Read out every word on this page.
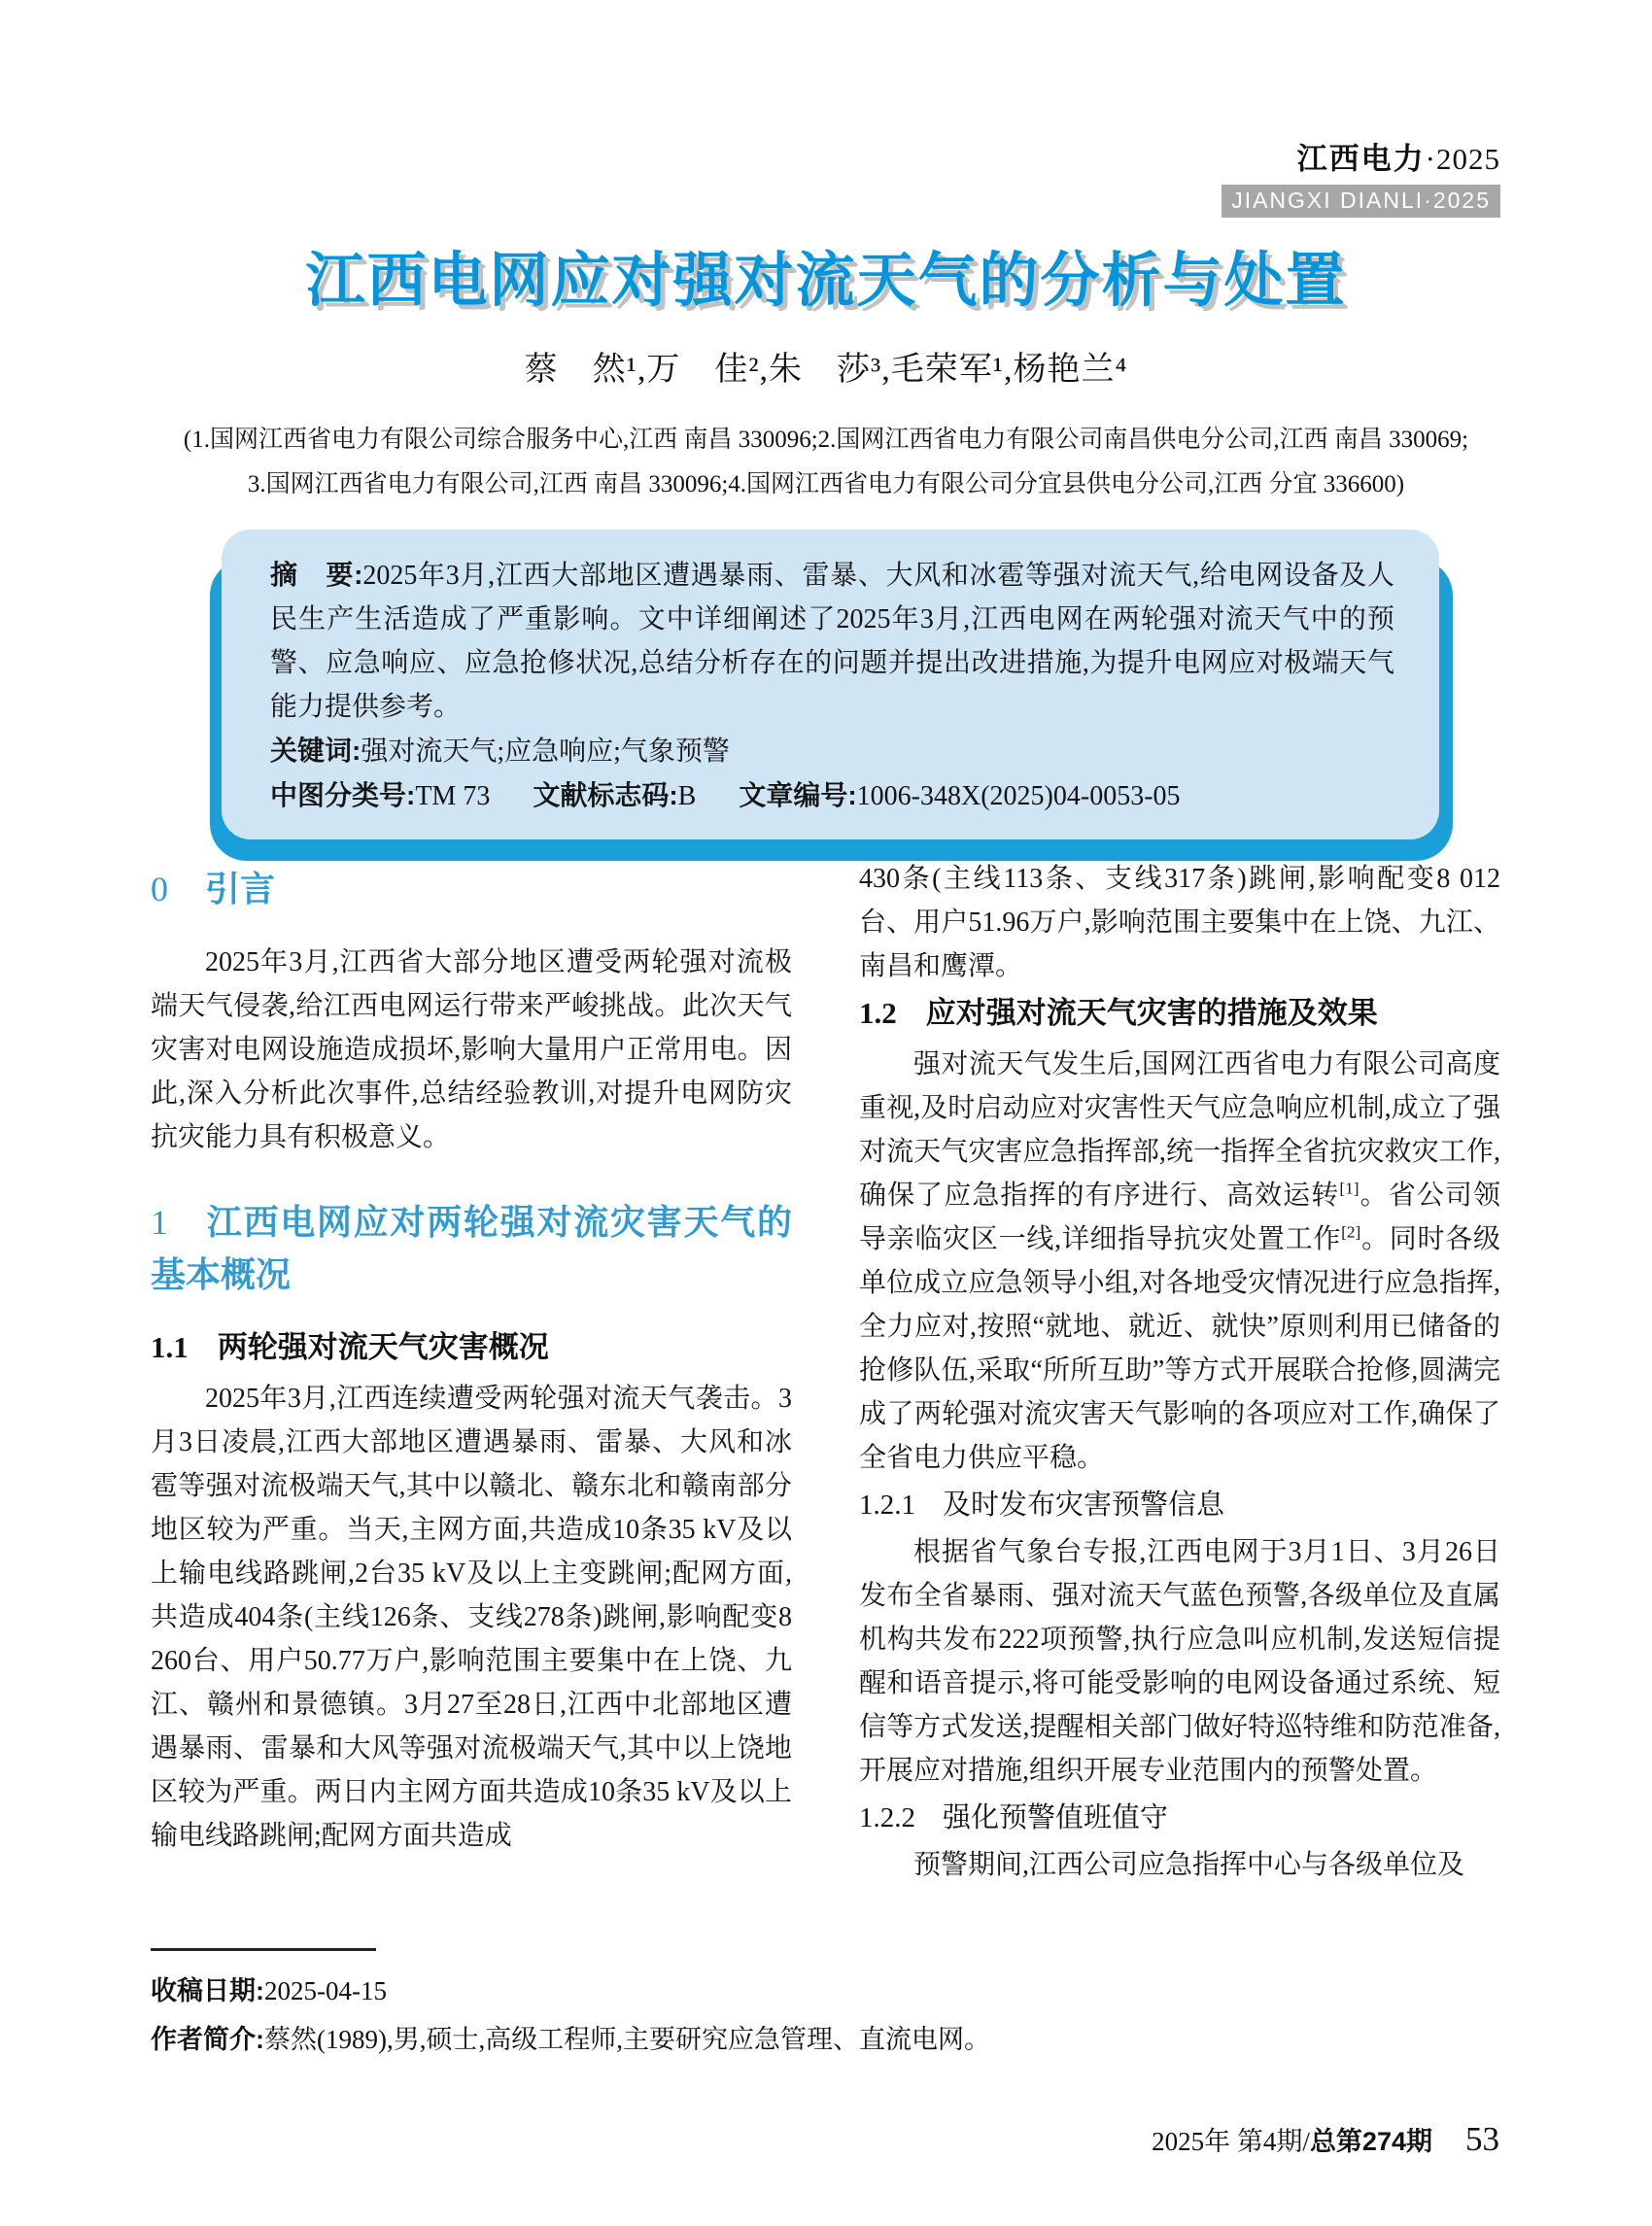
江西电力·2025
JIANGXI DIANLI·2025
江西电网应对强对流天气的分析与处置
蔡　然¹,万　佳²,朱　莎³,毛荣军¹,杨艳兰⁴
(1.国网江西省电力有限公司综合服务中心,江西 南昌 330096;2.国网江西省电力有限公司南昌供电分公司,江西 南昌 330069;
3.国网江西省电力有限公司,江西 南昌 330096;4.国网江西省电力有限公司分宜县供电分公司,江西 分宜 336600)

摘　要:2025年3月,江西大部地区遭遇暴雨、雷暴、大风和冰雹等强对流天气,给电网设备及人民生产生活造成了严重影响。文中详细阐述了2025年3月,江西电网在两轮强对流天气中的预警、应急响应、应急抢修状况,总结分析存在的问题并提出改进措施,为提升电网应对极端天气能力提供参考。

关键词:强对流天气;应急响应;气象预警

中图分类号:TM 73 文献标志码:B 文章编号:1006-348X(2025)04-0053-05

0 引言

2025年3月,江西省大部分地区遭受两轮强对流极端天气侵袭,给江西电网运行带来严峻挑战。此次天气灾害对电网设施造成损坏,影响大量用户正常用电。因此,深入分析此次事件,总结经验教训,对提升电网防灾抗灾能力具有积极意义。

1 江西电网应对两轮强对流灾害天气的基本概况
1.1 两轮强对流天气灾害概况

2025年3月,江西连续遭受两轮强对流天气袭击。3月3日凌晨,江西大部地区遭遇暴雨、雷暴、大风和冰雹等强对流极端天气,其中以赣北、赣东北和赣南部分地区较为严重。当天,主网方面,共造成10条35 kV及以上输电线路跳闸,2台35 kV及以上主变跳闸;配网方面,共造成404条(主线126条、支线278条)跳闸,影响配变8 260台、用户50.77万户,影响范围主要集中在上饶、九江、赣州和景德镇。3月27至28日,江西中北部地区遭遇暴雨、雷暴和大风等强对流极端天气,其中以上饶地区较为严重。两日内主网方面共造成10条35 kV及以上输电线路跳闸;配网方面共造成

430条(主线113条、支线317条)跳闸,影响配变8 012台、用户51.96万户,影响范围主要集中在上饶、九江、南昌和鹰潭。

1.2 应对强对流天气灾害的措施及效果

强对流天气发生后,国网江西省电力有限公司高度重视,及时启动应对灾害性天气应急响应机制,成立了强对流天气灾害应急指挥部,统一指挥全省抗灾救灾工作,确保了应急指挥的有序进行、高效运转[1]。省公司领导亲临灾区一线,详细指导抗灾处置工作[2]。同时各级单位成立应急领导小组,对各地受灾情况进行应急指挥,全力应对,按照“就地、就近、就快”原则利用已储备的抢修队伍,采取“所所互助”等方式开展联合抢修,圆满完成了两轮强对流灾害天气影响的各项应对工作,确保了全省电力供应平稳。

1.2.1 及时发布灾害预警信息

根据省气象台专报,江西电网于3月1日、3月26日发布全省暴雨、强对流天气蓝色预警,各级单位及直属机构共发布222项预警,执行应急叫应机制,发送短信提醒和语音提示,将可能受影响的电网设备通过系统、短信等方式发送,提醒相关部门做好特巡特维和防范准备,开展应对措施,组织开展专业范围内的预警处置。

1.2.2 强化预警值班值守

预警期间,江西公司应急指挥中心与各级单位及

收稿日期:2025-04-15
作者简介:蔡然(1989),男,硕士,高级工程师,主要研究应急管理、直流电网。
2025年 第4期/ 总第274期 53
